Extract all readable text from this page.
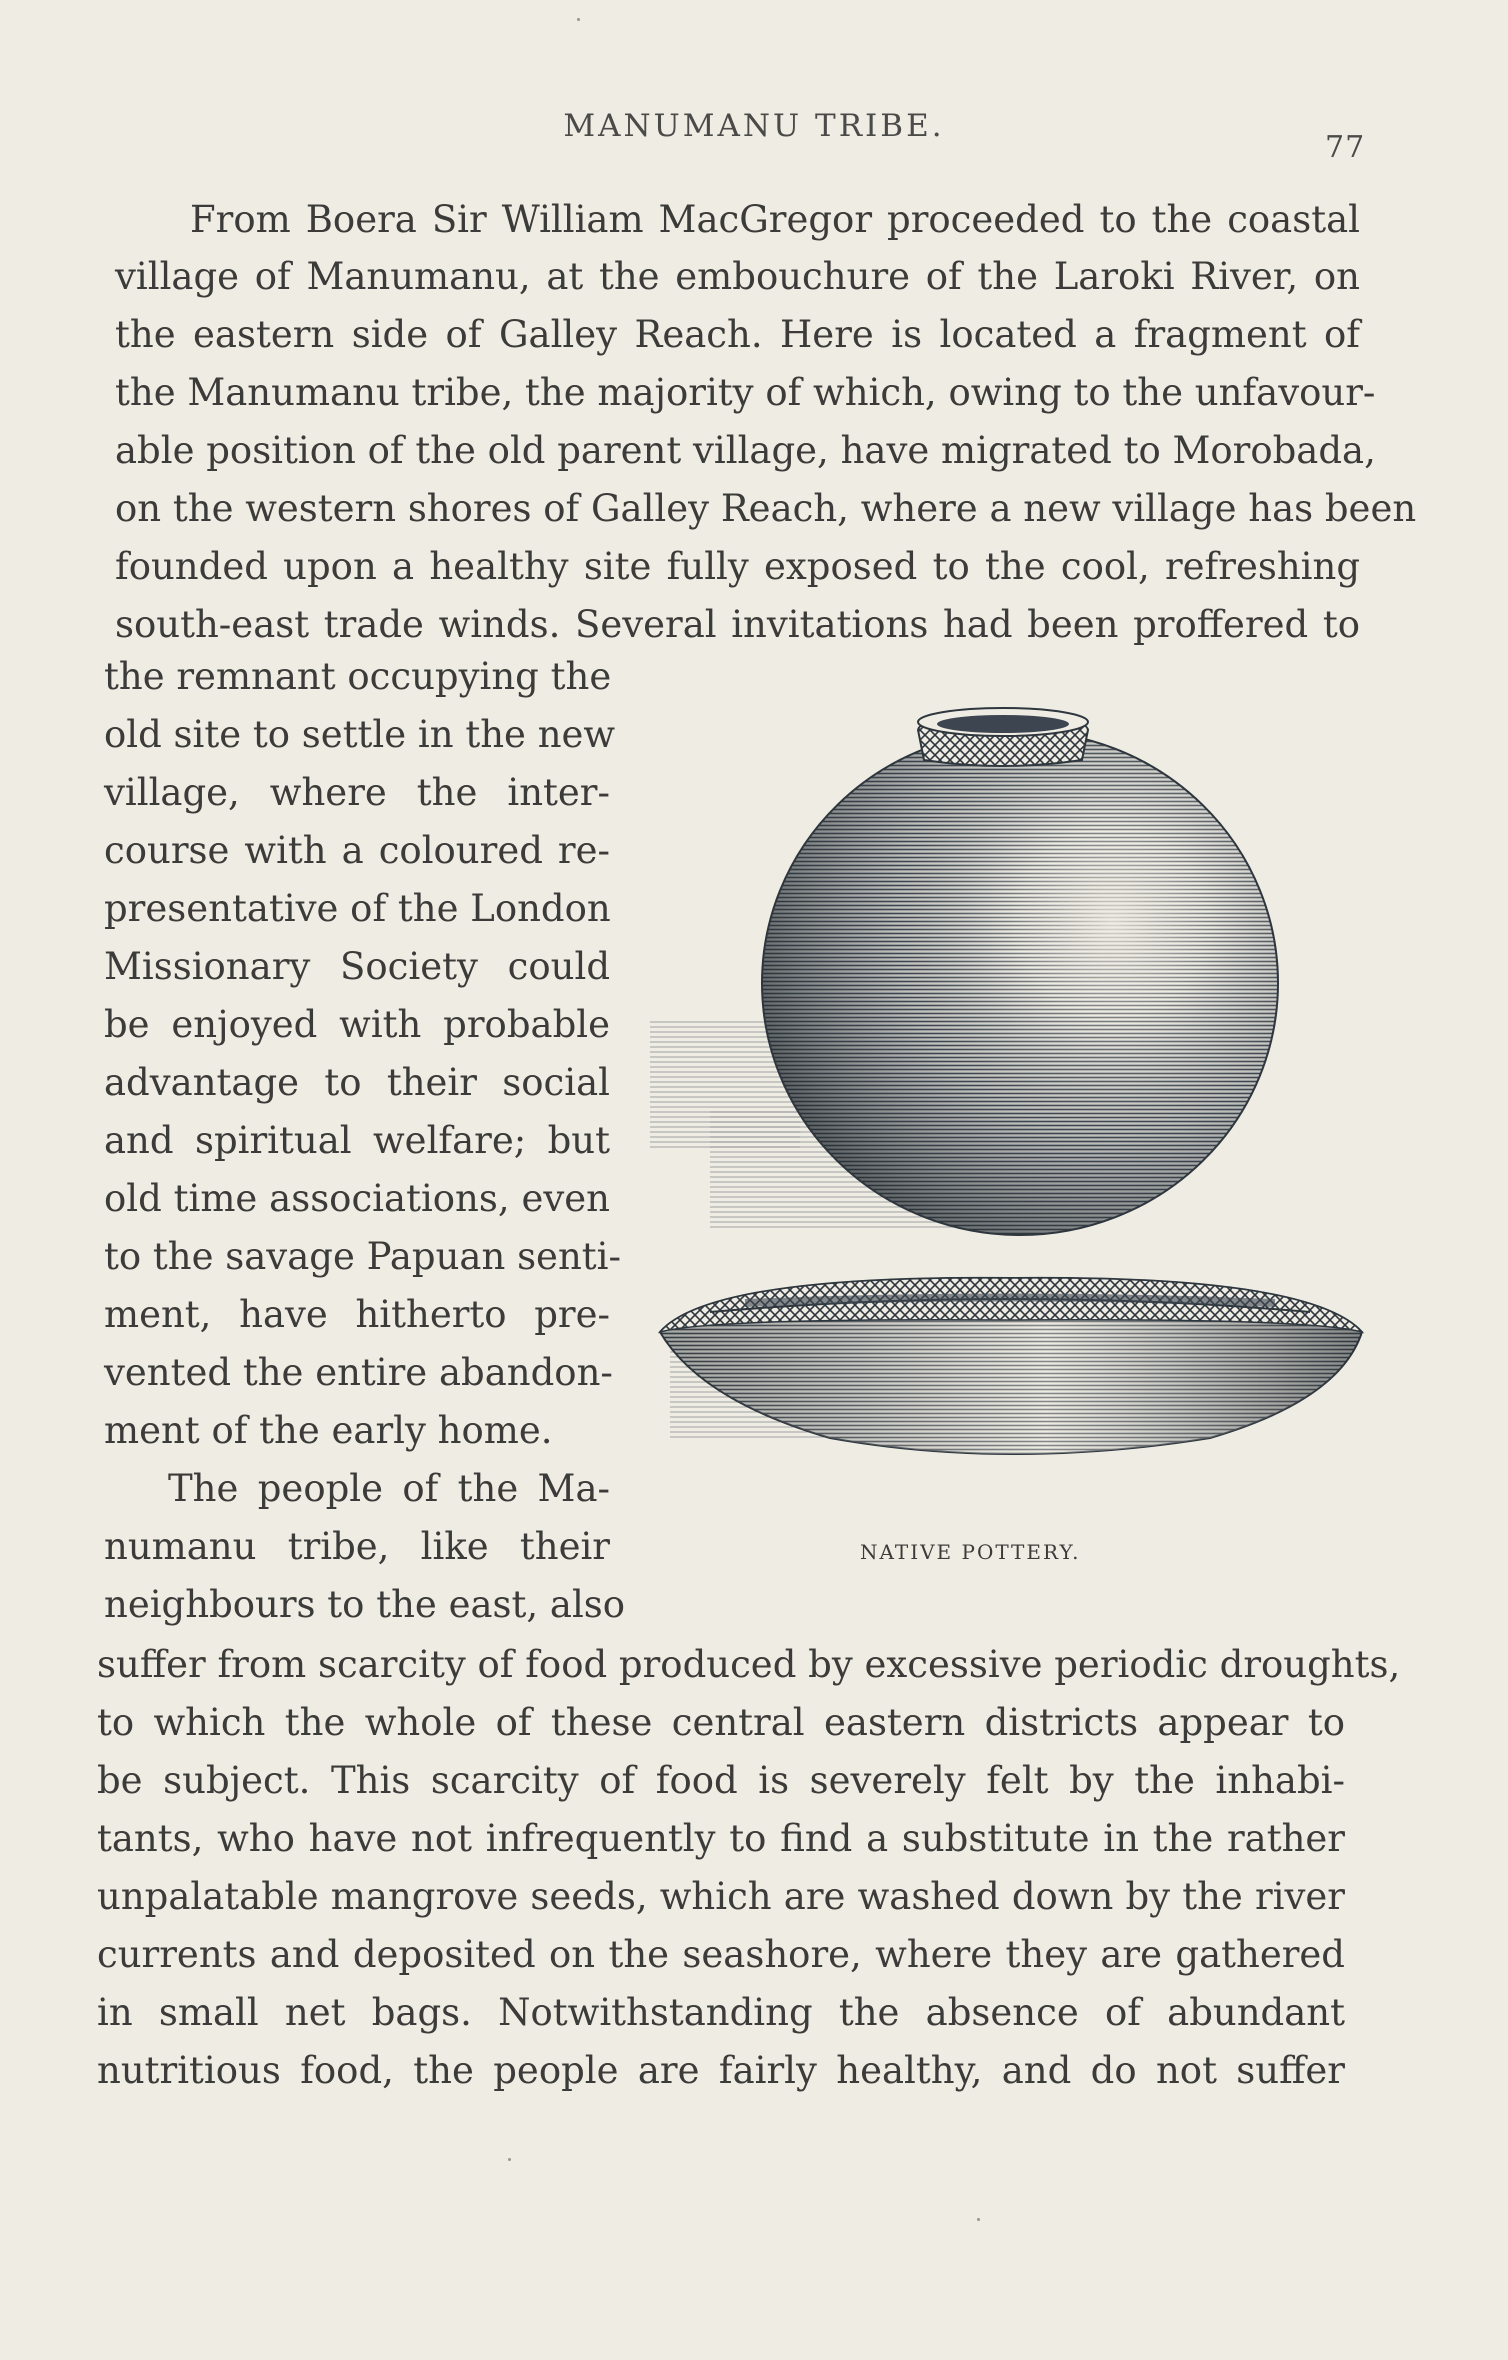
MANUMANU TRIBE.
77
From Boera Sir William MacGregor proceeded to the coastal
village of Manumanu, at the embouchure of the Laroki River, on
the eastern side of Galley Reach. Here is located a fragment of
the Manumanu tribe, the majority of which, owing to the unfavour-
able position of the old parent village, have migrated to Morobada,
on the western shores of Galley Reach, where a new village has been
founded upon a healthy site fully exposed to the cool, refreshing
south-east trade winds. Several invitations had been proffered to
the remnant occupying the
old site to settle in the new
village, where the inter-
course with a coloured re-
presentative of the London
Missionary Society could
be enjoyed with probable
advantage to their social
and spiritual welfare; but
old time associations, even
to the savage Papuan senti-
ment, have hitherto pre-
vented the entire abandon-
ment of the early home.
The people of the Ma-
numanu tribe, like their
neighbours to the east, also
suffer from scarcity of food produced by excessive periodic droughts,
to which the whole of these central eastern districts appear to
be subject. This scarcity of food is severely felt by the inhabi-
tants, who have not infrequently to find a substitute in the rather
unpalatable mangrove seeds, which are washed down by the river
currents and deposited on the seashore, where they are gathered
in small net bags. Notwithstanding the absence of abundant
nutritious food, the people are fairly healthy, and do not suffer
NATIVE POTTERY.
